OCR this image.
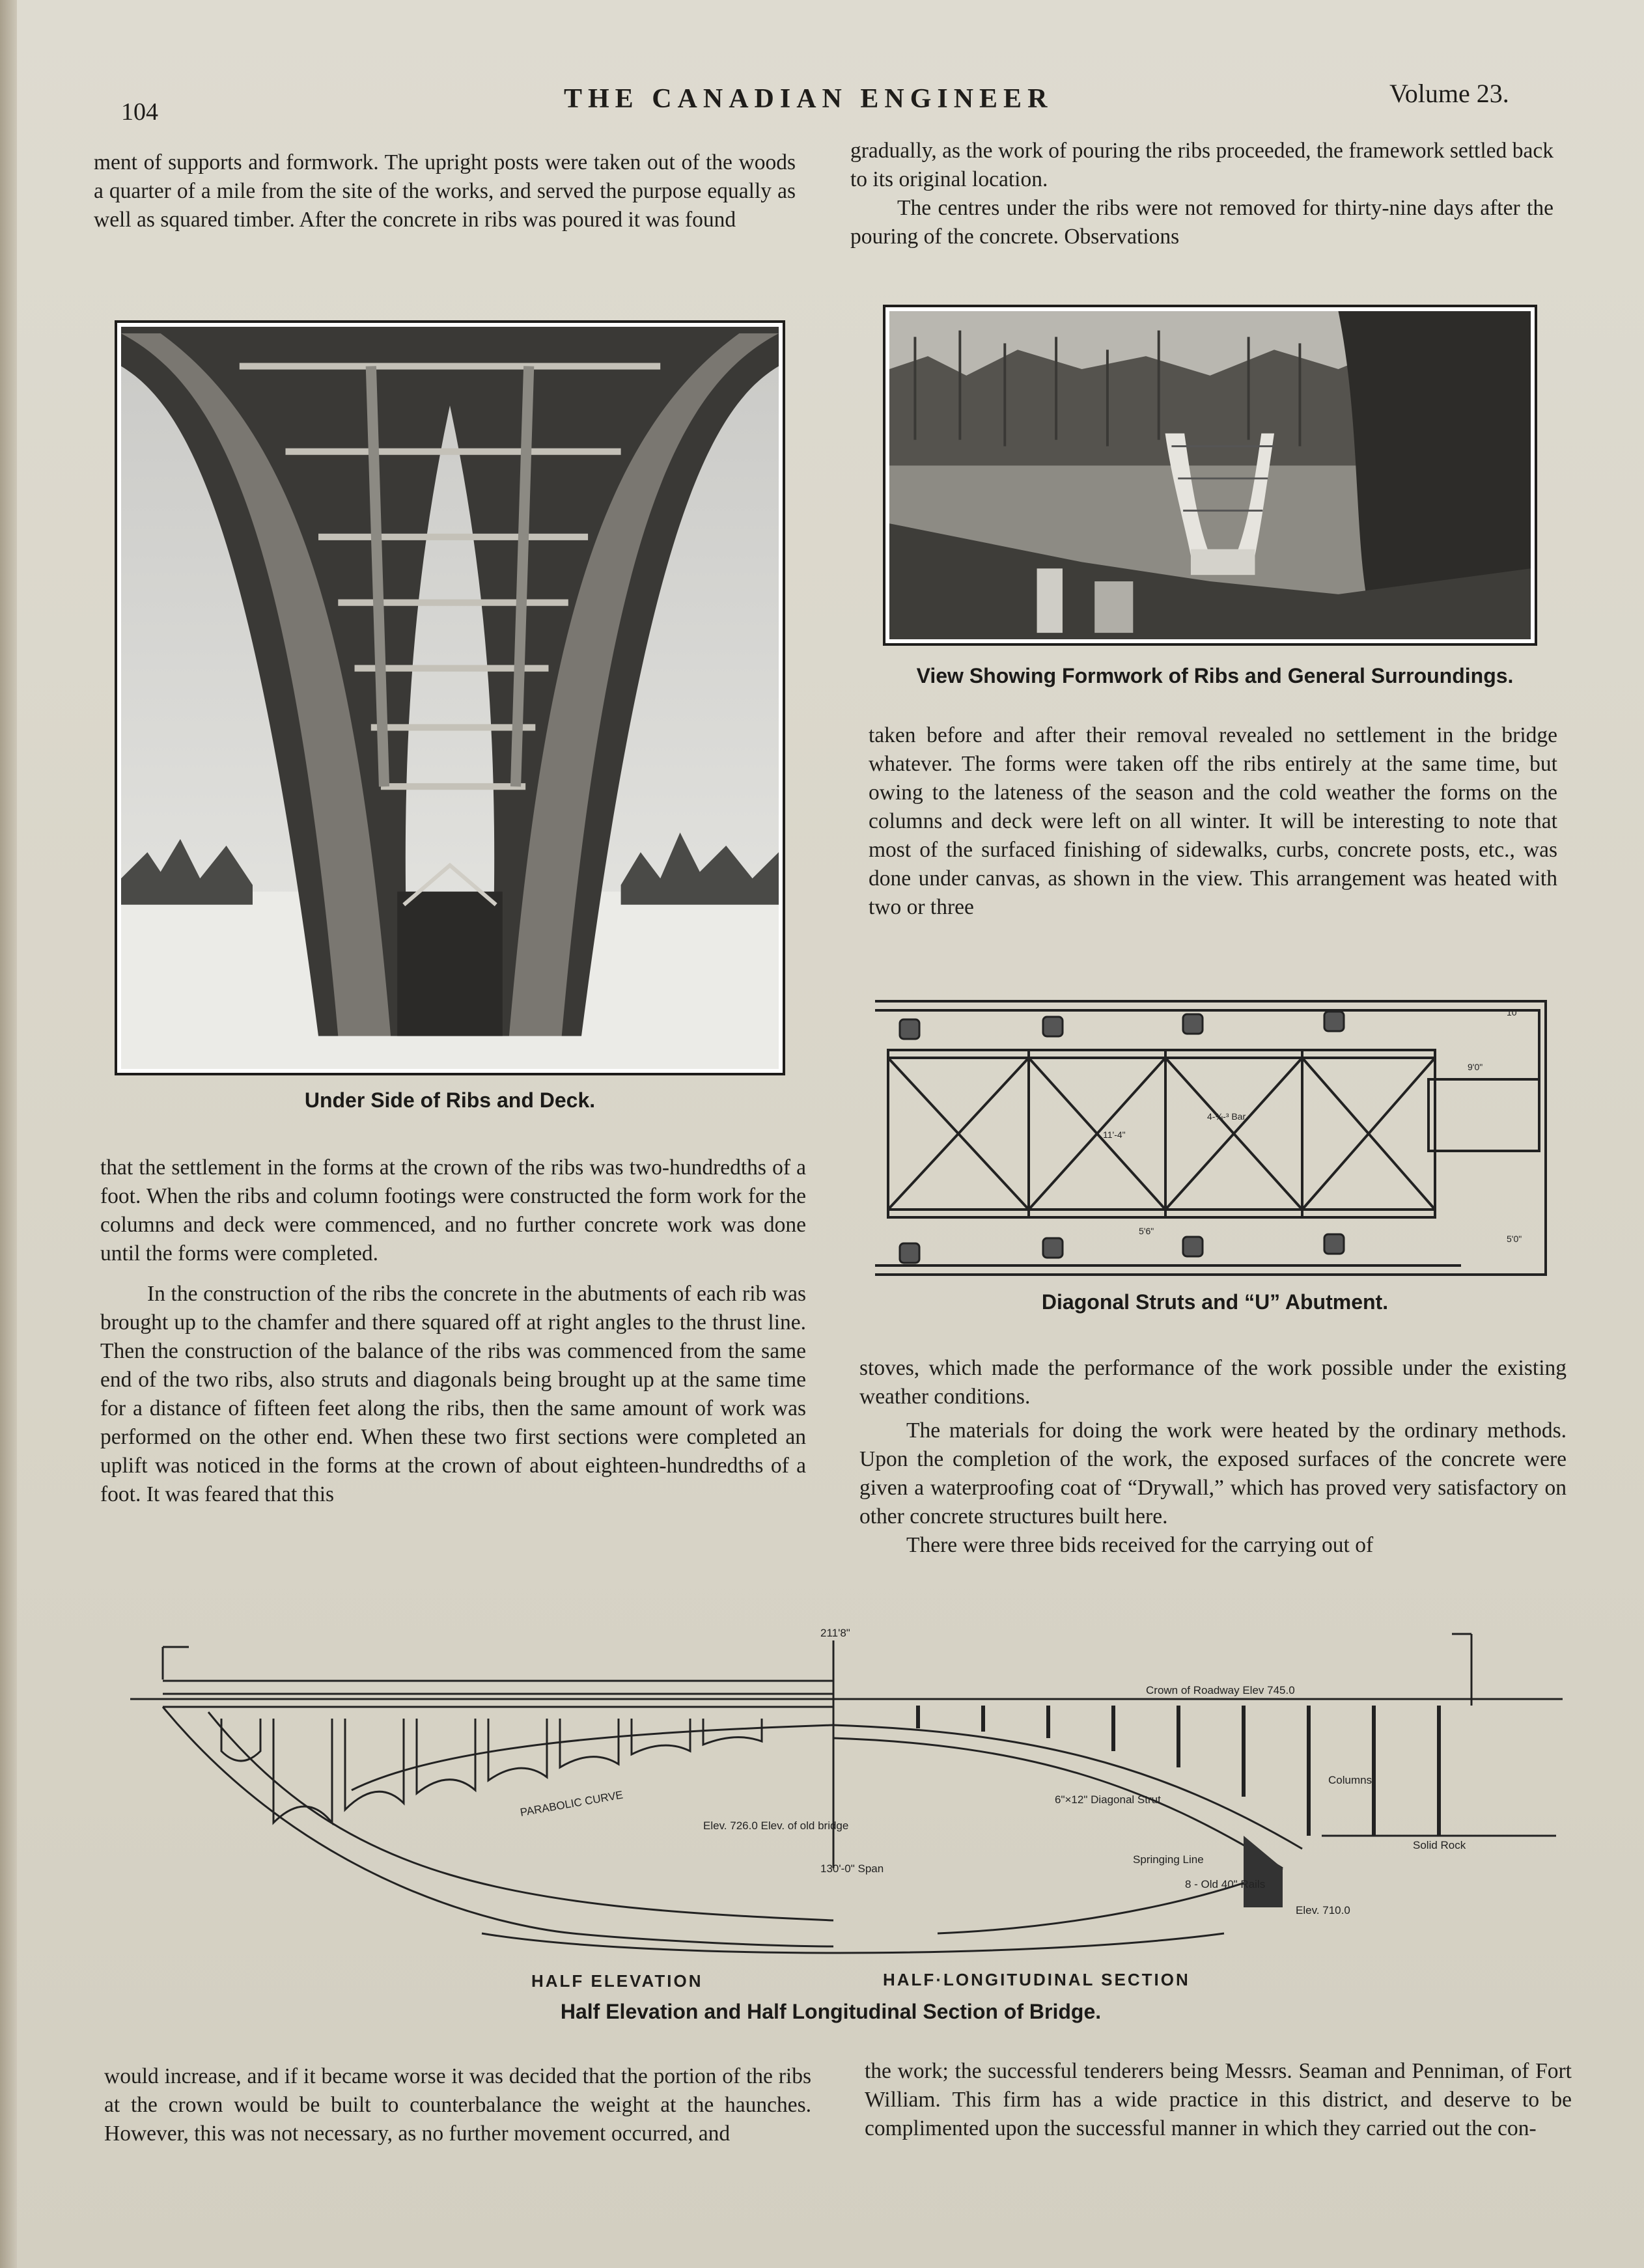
104	THE CANADIAN ENGINEER	Volume 23.

ment of supports and formwork. The upright posts were taken out of the woods a quarter of a mile from the site of the works, and served the purpose equally as well as squared timber. After the concrete in ribs was poured it was found

gradually, as the work of pouring the ribs proceeded, the framework settled back to its original location.

The centres under the ribs were not removed for thirty-nine days after the pouring of the concrete. Observations

Under Side of Ribs and Deck.
View Showing Formwork of Ribs and General Surroundings.

taken before and after their removal revealed no settlement in the bridge whatever. The forms were taken off the ribs entirely at the same time, but owing to the lateness of the season and the cold weather the forms on the columns and deck were left on all winter. It will be interesting to note that most of the surfaced finishing of sidewalks, curbs, concrete posts, etc., was done under canvas, as shown in the view. This arrangement was heated with two or three

10'
9'0"
5'0"
5'6"
4-¾-³ Bar
11'-4"
Diagonal Struts and “U” Abutment.

that the settlement in the forms at the crown of the ribs was two-hundredths of a foot. When the ribs and column footings were constructed the form work for the columns and deck were commenced, and no further concrete work was done until the forms were completed.

In the construction of the ribs the concrete in the abutments of each rib was brought up to the chamfer and there squared off at right angles to the thrust line. Then the construction of the balance of the ribs was commenced from the same end of the two ribs, also struts and diagonals being brought up at the same time for a distance of fifteen feet along the ribs, then the same amount of work was performed on the other end. When these two first sections were completed an uplift was noticed in the forms at the crown of about eighteen-hundredths of a foot. It was feared that this

stoves, which made the performance of the work possible under the existing weather conditions.

The materials for doing the work were heated by the ordinary methods. Upon the completion of the work, the exposed surfaces of the concrete were given a waterproofing coat of “Drywall,” which has proved very satisfactory on other concrete structures built here.

There were three bids received for the carrying out of

Crown of Roadway Elev 745.0
PARABOLIC CURVE
130'-0" Span
Elev. 726.0 Elev. of old bridge
8 - Old 40" Rails
Columns
Springing Line
6"×12" Diagonal Strut
Solid Rock
Elev. 710.0
211'8"
HALF ELEVATION	HALF·LONGITUDINAL SECTION
Half Elevation and Half Longitudinal Section of Bridge.

would increase, and if it became worse it was decided that the portion of the ribs at the crown would be built to counterbalance the weight at the haunches. However, this was not necessary, as no further movement occurred, and

the work; the successful tenderers being Messrs. Seaman and Penniman, of Fort William. This firm has a wide practice in this district, and deserve to be complimented upon the successful manner in which they carried out the con-
